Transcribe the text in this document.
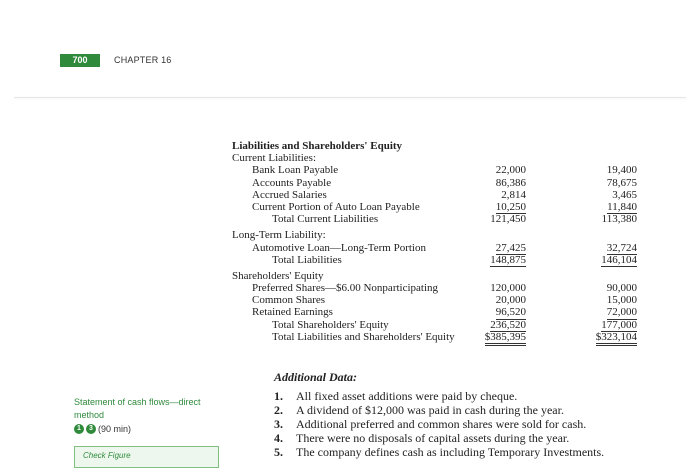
700	CHAPTER 16
Liabilities and Shareholders' Equity
Current Liabilities:
Bank Loan Payable	22,000	19,400
Accounts Payable	86,386	78,675
Accrued Salaries	2,814	3,465
Current Portion of Auto Loan Payable	10,250	11,840
Total Current Liabilities	121,450	113,380
Long-Term Liability:
Automotive Loan—Long-Term Portion	27,425	32,724
Total Liabilities	148,875	146,104
Shareholders' Equity
Preferred Shares—$6.00 Nonparticipating	120,000	90,000
Common Shares	20,000	15,000
Retained Earnings	96,520	72,000
Total Shareholders' Equity	236,520	177,000
Total Liabilities and Shareholders' Equity	$385,395	$323,104
Additional Data:
1. All fixed asset additions were paid by cheque.
2. A dividend of $12,000 was paid in cash during the year.
3. Additional preferred and common shares were sold for cash.
4. There were no disposals of capital assets during the year.
5. The company defines cash as including Temporary Investments.
Statement of cash flows—direct method
1	3 (90 min)
Check Figure
